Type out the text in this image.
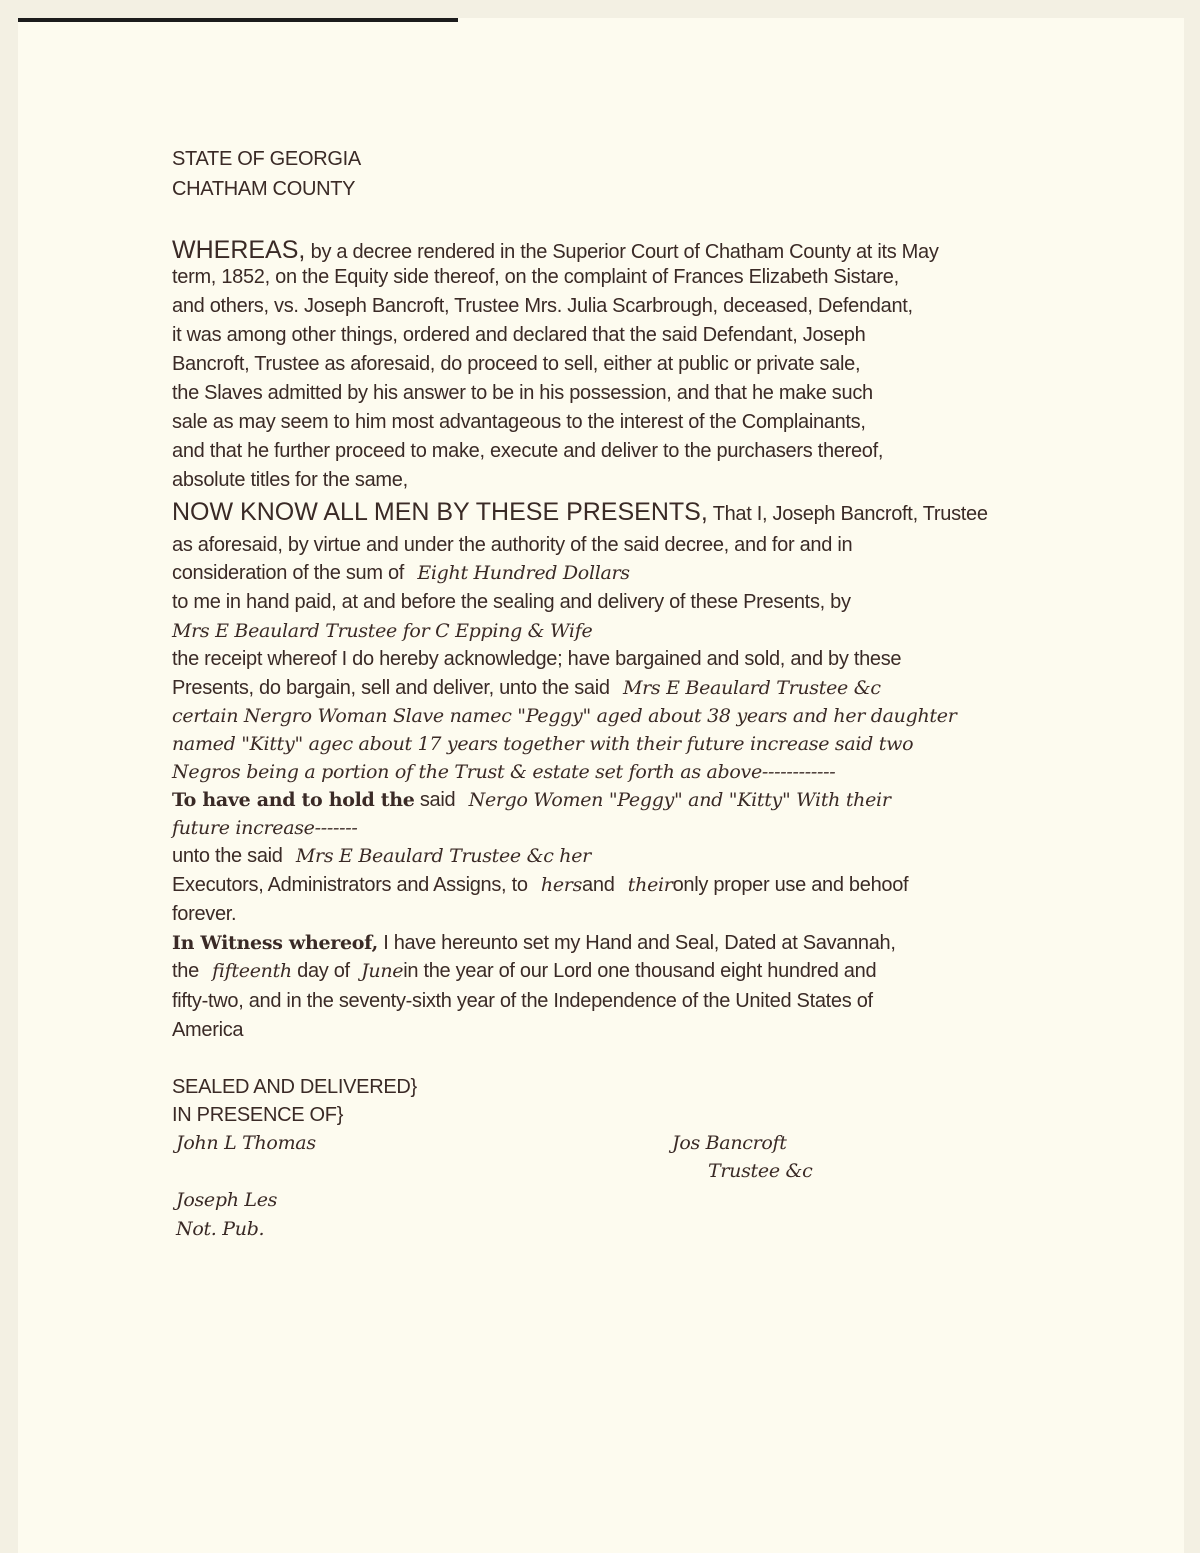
STATE OF GEORGIA
CHATHAM COUNTY
WHEREAS, by a decree rendered in the Superior Court of Chatham County at its May
term, 1852, on the Equity side thereof, on the complaint of Frances Elizabeth Sistare,
and others, vs. Joseph Bancroft, Trustee Mrs. Julia Scarbrough, deceased, Defendant,
it was among other things, ordered and declared that the said Defendant, Joseph
Bancroft, Trustee as aforesaid, do proceed to sell, either at public or private sale,
the Slaves admitted by his answer to be in his possession, and that he make such
sale as may seem to him most advantageous to the interest of the Complainants,
and that he further proceed to make, execute and deliver to the purchasers thereof,
absolute titles for the same,
NOW KNOW ALL MEN BY THESE PRESENTS, That I, Joseph Bancroft, Trustee
as aforesaid, by virtue and under the authority of the said decree, and for and in
consideration of the sum of Eight Hundred Dollars
to me in hand paid, at and before the sealing and delivery of these Presents, by
Mrs E Beaulard Trustee for C Epping & Wife
the receipt whereof I do hereby acknowledge; have bargained and sold, and by these
Presents, do bargain, sell and deliver, unto the said Mrs E Beaulard Trustee &c
certain Nergro Woman Slave namec "Peggy" aged about 38 years and her daughter
named "Kitty" agec about 17 years together with their future increase said two
Negros being a portion of the Trust & estate set forth as above------------
To have and to hold the said Nergo Women "Peggy" and "Kitty" With their
future increase-------
unto the said Mrs E Beaulard Trustee &c her
Executors, Administrators and Assigns, to hersand theironly proper use and behoof
forever.
In Witness whereof, I have hereunto set my Hand and Seal, Dated at Savannah,
the fifteenth day of Junein the year of our Lord one thousand eight hundred and
fifty-two, and in the seventy-sixth year of the Independence of the United States of
America
SEALED AND DELIVERED}
IN PRESENCE OF}
John L Thomas
Joseph Les
Not. Pub.
Jos Bancroft
Trustee &c
